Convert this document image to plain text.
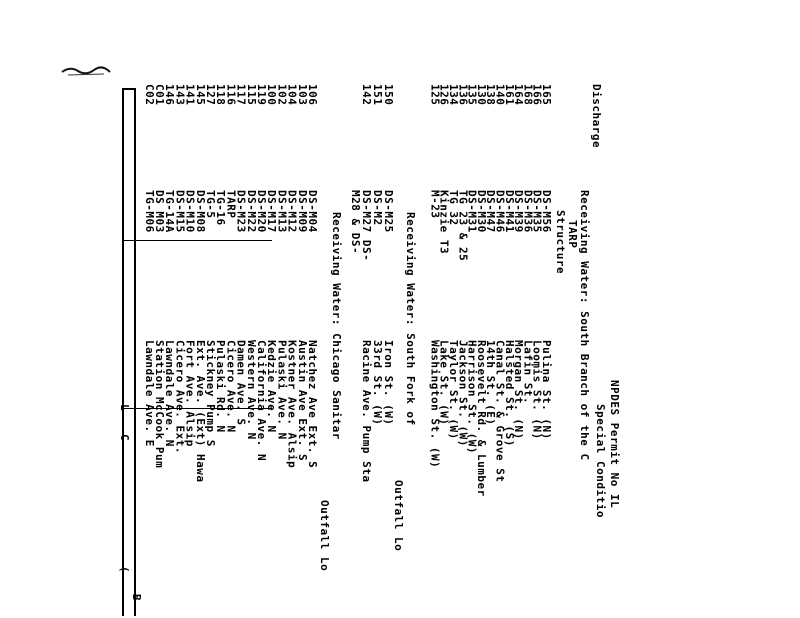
Discharge
Receiving Water: South Branch of the C NPDES Permit No IL
Special Conditio
TARP
Structure
165
DS-M56
Pulina St. (N)
166
DS-M35
Loomis St. (N)
168
DS-M36
Lafin St.
164
DS-M39
Morgan St. (N)
161
DS-M41
Halsted St. (S)
140
DS-M46
Canal St. & Grove St
138
DS-M47
14th St. (E)
130
DS-M30
Roosevelt Rd. & Lumber
135
DS-M31
Harrison St. (W)
136
TG 23 & 25
Jackson St. (W)
134
TG 32
Taylor St. (W)
126
Kinzie T3
Lake St. (W)
125
M-23
Washington St. (W)
Receiving Water: South Fork of
Outfall Lo
150
DS-M25
Iron St. (W)
151
DS-M2
33rd St. (W)
142
DS-M27 DS-
Racine Ave. Pump Sta
M28 & DS-
Receiving Water: Chicago Sanitar
Outfall Lo
106
DS-M04
Natchez Ave Ext. S
103
DS-M09
Austin Ave Ext. S
104
DS-M12
Kostner Ave. Alsip
102
DS-M13
Pulaski Ave. N
100
DS-M17
Kedzie Ave. N
119
DS-M20
California Ave. N
115
DS-M22
Western Ave. N
117
DS-M23
Damen Ave. S
116
TARP
Cicero Ave. N
118
TG-16
Pulaski Rd. N
127
TG-5
Stickney Pump S
145
DS-M08
Ext. Ave. (Ext) Hawa
141
DS-M10
Fort Ave. Alsip
143
DS-M15
Cicero Ave. Ext.
146
TG-14A
Lawndale Ave. N
C01
DS M03
Station McCook Pum
C02
TG-M06
Lawndale Ave. E
L
C
(
B
